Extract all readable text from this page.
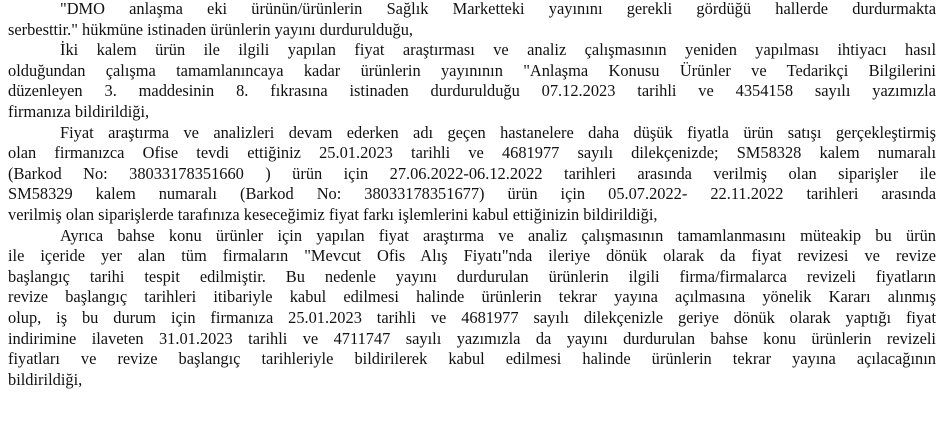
"DMO anlaşma eki ürünün/ürünlerin Sağlık Marketteki yayınını gerekli gördüğü hallerde durdurmakta
serbesttir." hükmüne istinaden ürünlerin yayını durdurulduğu,
İki kalem ürün ile ilgili yapılan fiyat araştırması ve analiz çalışmasının yeniden yapılması ihtiyacı hasıl
olduğundan çalışma tamamlanıncaya kadar ürünlerin yayınının "Anlaşma Konusu Ürünler ve Tedarikçi Bilgilerini
düzenleyen 3. maddesinin 8. fıkrasına istinaden durdurulduğu 07.12.2023 tarihli ve 4354158 sayılı yazımızla
firmanıza bildirildiği,
Fiyat araştırma ve analizleri devam ederken adı geçen hastanelere daha düşük fiyatla ürün satışı gerçekleştirmiş
olan firmanızca Ofise tevdi ettiğiniz 25.01.2023 tarihli ve 4681977 sayılı dilekçenizde; SM58328 kalem numaralı
(Barkod No: 38033178351660 ) ürün için 27.06.2022-06.12.2022 tarihleri arasında verilmiş olan siparişler ile
SM58329 kalem numaralı (Barkod No: 38033178351677) ürün için 05.07.2022- 22.11.2022 tarihleri arasında
verilmiş olan siparişlerde tarafınıza keseceğimiz fiyat farkı işlemlerini kabul ettiğinizin bildirildiği,
Ayrıca bahse konu ürünler için yapılan fiyat araştırma ve analiz çalışmasının tamamlanmasını müteakip bu ürün
ile içeride yer alan tüm firmaların "Mevcut Ofis Alış Fiyatı"nda ileriye dönük olarak da fiyat revizesi ve revize
başlangıç tarihi tespit edilmiştir. Bu nedenle yayını durdurulan ürünlerin ilgili firma/firmalarca revizeli fiyatların
revize başlangıç tarihleri itibariyle kabul edilmesi halinde ürünlerin tekrar yayına açılmasına yönelik Kararı alınmış
olup, iş bu durum için firmanıza 25.01.2023 tarihli ve 4681977 sayılı dilekçenizle geriye dönük olarak yaptığı fiyat
indirimine ilaveten 31.01.2023 tarihli ve 4711747 sayılı yazımızla da yayını durdurulan bahse konu ürünlerin revizeli
fiyatları ve revize başlangıç tarihleriyle bildirilerek kabul edilmesi halinde ürünlerin tekrar yayına açılacağının
bildirildiği,
